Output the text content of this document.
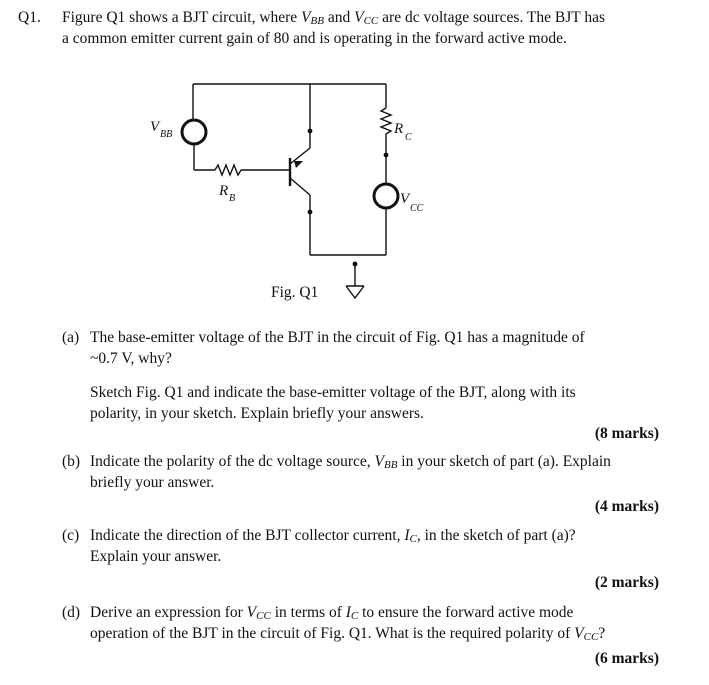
Q1. Figure Q1 shows a BJT circuit, where VBB and VCC are dc voltage sources. The BJT has
a common emitter current gain of 80 and is operating in the forward active mode.
V BB
R B
R
C
V
CC
Fig. Q1
(a) The base-emitter voltage of the BJT in the circuit of Fig. Q1 has a magnitude of
~0.7 V, why?
Sketch Fig. Q1 and indicate the base-emitter voltage of the BJT, along with its
polarity, in your sketch. Explain briefly your answers.
(8 marks)
(b) Indicate the polarity of the dc voltage source, VBB in your sketch of part (a). Explain
briefly your answer.
(4 marks)
(c) Indicate the direction of the BJT collector current, IC, in the sketch of part (a)?
Explain your answer.
(2 marks)
(d) Derive an expression for VCC in terms of IC to ensure the forward active mode
operation of the BJT in the circuit of Fig. Q1. What is the required polarity of VCC?
(6 marks)
